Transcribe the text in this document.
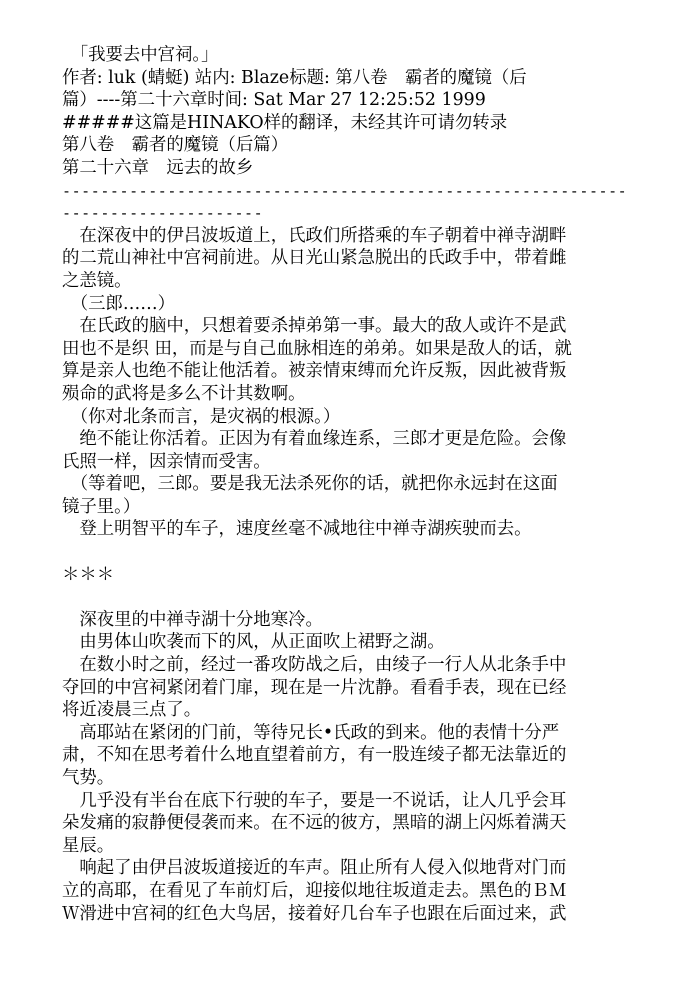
　「我要去中宫祠。」
作者: luk (蜻蜓) 站内: Blaze标题: 第八卷　霸者的魔镜（后
篇）----第二十六章时间: Sat Mar 27 12:25:52 1999
#####这篇是HINAKO样的翻译，未经其许可请勿转录
第八卷　霸者的魔镜（后篇）
第二十六章　远去的故乡
-----------------------------------------------------------
---------------------
　在深夜中的伊吕波坂道上，氏政们所搭乘的车子朝着中禅寺湖畔
的二荒山神社中宫祠前进。从日光山紧急脱出的氏政手中，带着雌
之恙镜。
　（三郎……）
　在氏政的脑中，只想着要杀掉弟第一事。最大的敌人或许不是武
田也不是织 田，而是与自己血脉相连的弟弟。如果是敌人的话，就
算是亲人也绝不能让他活着。被亲情束缚而允许反叛，因此被背叛
殒命的武将是多么不计其数啊。
　（你对北条而言，是灾祸的根源。）
　绝不能让你活着。正因为有着血缘连系，三郎才更是危险。会像
氏照一样，因亲情而受害。
　（等着吧，三郎。要是我无法杀死你的话，就把你永远封在这面
镜子里。）
　登上明智平的车子，速度丝毫不减地往中禅寺湖疾驶而去。
＊＊＊
　深夜里的中禅寺湖十分地寒冷。
　由男体山吹袭而下的风，从正面吹上裙野之湖。
　在数小时之前，经过一番攻防战之后，由绫子一行人从北条手中
夺回的中宫祠紧闭着门扉，现在是一片沈静。看看手表，现在已经
将近凌晨三点了。
　高耶站在紧闭的门前，等待兄长•氏政的到来。他的表情十分严
肃，不知在思考着什么地直望着前方，有一股连绫子都无法靠近的
气势。
　几乎没有半台在底下行驶的车子，要是一不说话，让人几乎会耳
朵发痛的寂静便侵袭而来。在不远的彼方，黑暗的湖上闪烁着满天
星辰。
　响起了由伊吕波坂道接近的车声。阻止所有人侵入似地背对门而
立的高耶，在看见了车前灯后，迎接似地往坂道走去。黑色的ＢＭ
Ｗ滑进中宫祠的红色大鸟居，接着好几台车子也跟在后面过来，武
